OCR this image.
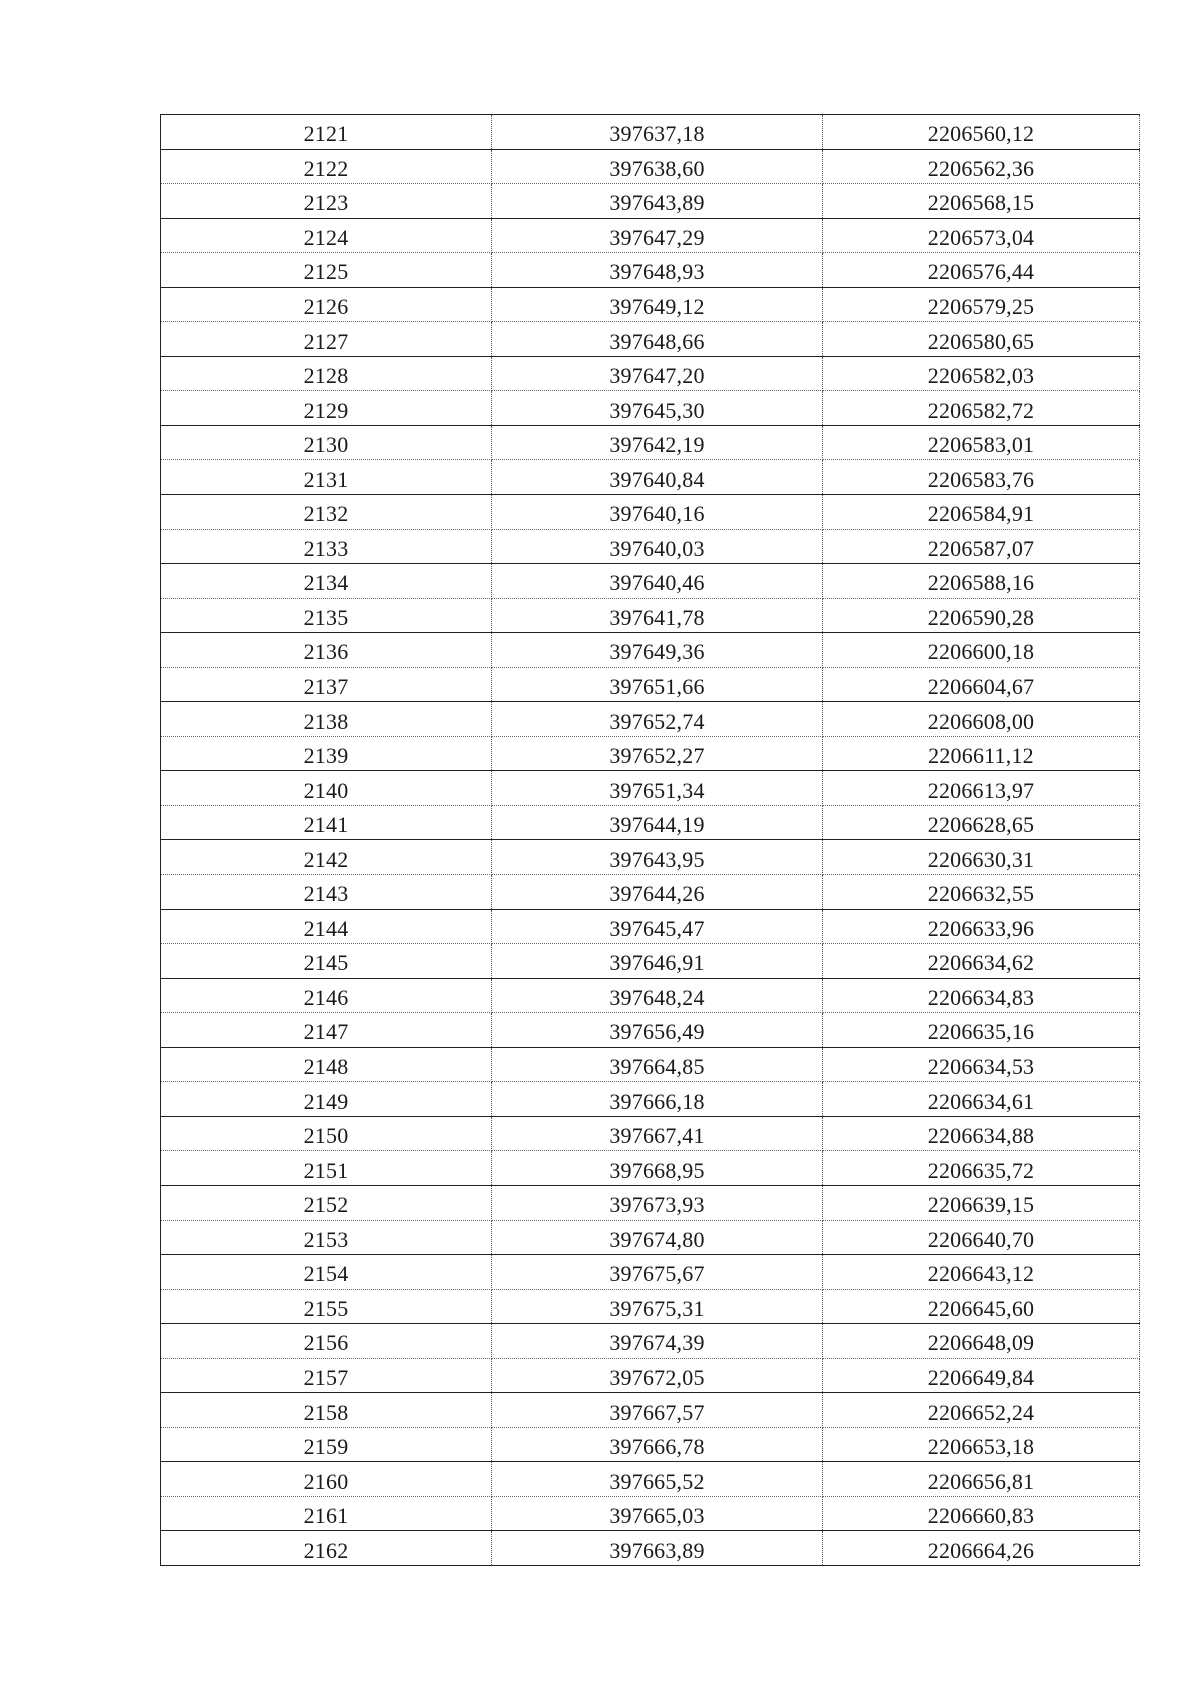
2121	397637,18	2206560,12
2122	397638,60	2206562,36
2123	397643,89	2206568,15
2124	397647,29	2206573,04
2125	397648,93	2206576,44
2126	397649,12	2206579,25
2127	397648,66	2206580,65
2128	397647,20	2206582,03
2129	397645,30	2206582,72
2130	397642,19	2206583,01
2131	397640,84	2206583,76
2132	397640,16	2206584,91
2133	397640,03	2206587,07
2134	397640,46	2206588,16
2135	397641,78	2206590,28
2136	397649,36	2206600,18
2137	397651,66	2206604,67
2138	397652,74	2206608,00
2139	397652,27	2206611,12
2140	397651,34	2206613,97
2141	397644,19	2206628,65
2142	397643,95	2206630,31
2143	397644,26	2206632,55
2144	397645,47	2206633,96
2145	397646,91	2206634,62
2146	397648,24	2206634,83
2147	397656,49	2206635,16
2148	397664,85	2206634,53
2149	397666,18	2206634,61
2150	397667,41	2206634,88
2151	397668,95	2206635,72
2152	397673,93	2206639,15
2153	397674,80	2206640,70
2154	397675,67	2206643,12
2155	397675,31	2206645,60
2156	397674,39	2206648,09
2157	397672,05	2206649,84
2158	397667,57	2206652,24
2159	397666,78	2206653,18
2160	397665,52	2206656,81
2161	397665,03	2206660,83
2162	397663,89	2206664,26
